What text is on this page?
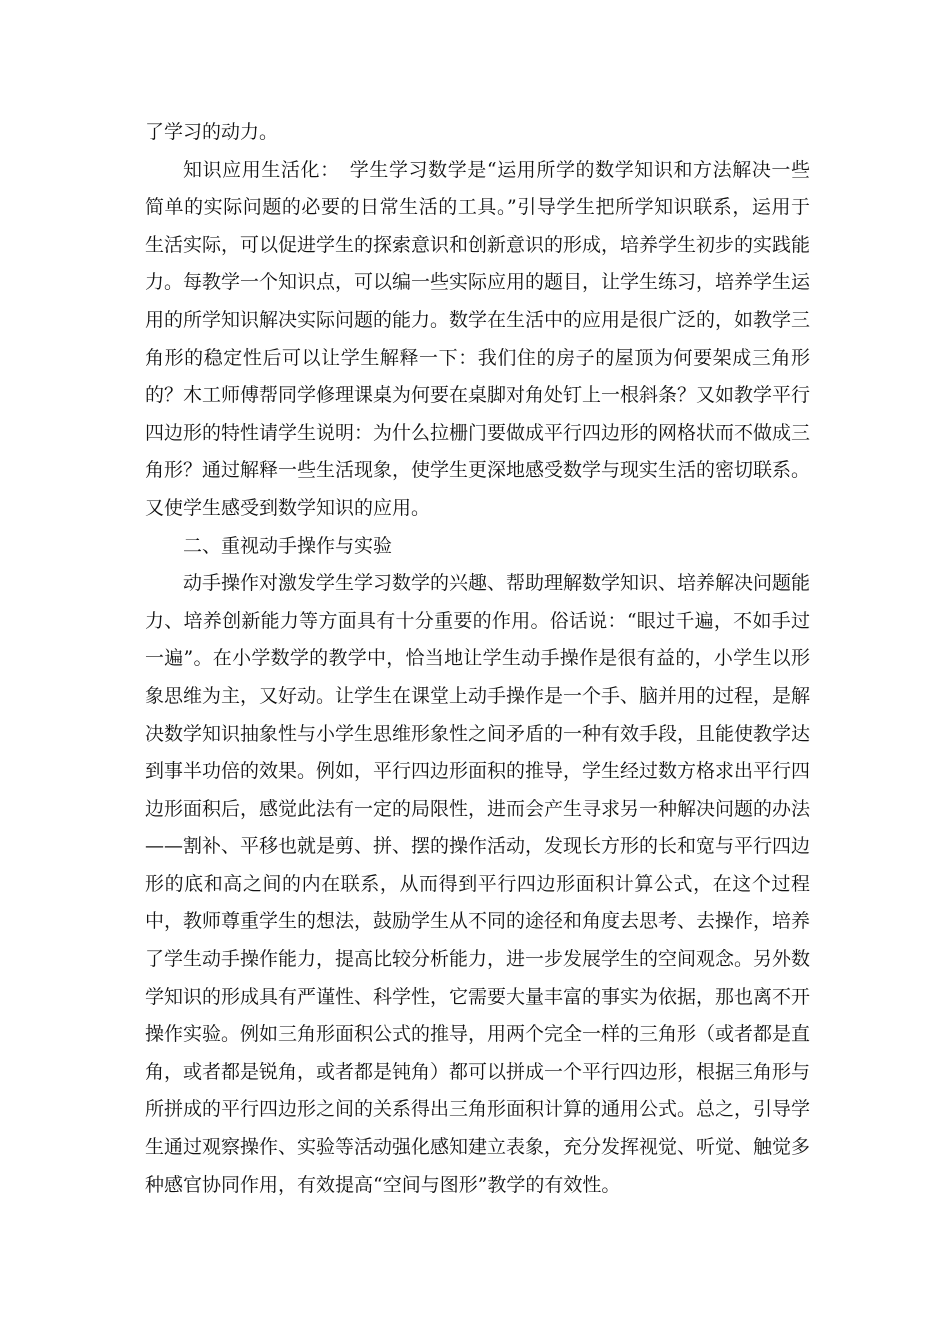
了学习的动力。

知识应用生活化：　学生学习数学是“运用所学的数学知识和方法解决一些简单的实际问题的必要的日常生活的工具。”引导学生把所学知识联系，运用于生活实际，可以促进学生的探索意识和创新意识的形成，培养学生初步的实践能力。每教学一个知识点，可以编一些实际应用的题目，让学生练习，培养学生运用的所学知识解决实际问题的能力。数学在生活中的应用是很广泛的，如教学三角形的稳定性后可以让学生解释一下：我们住的房子的屋顶为何要架成三角形的？木工师傅帮同学修理课桌为何要在桌脚对角处钉上一根斜条？又如教学平行四边形的特性请学生说明：为什么拉栅门要做成平行四边形的网格状而不做成三角形？通过解释一些生活现象，使学生更深地感受数学与现实生活的密切联系。又使学生感受到数学知识的应用。

二、重视动手操作与实验

动手操作对激发学生学习数学的兴趣、帮助理解数学知识、培养解决问题能力、培养创新能力等方面具有十分重要的作用。俗话说：“眼过千遍，不如手过一遍”。在小学数学的教学中，恰当地让学生动手操作是很有益的，小学生以形象思维为主，又好动。让学生在课堂上动手操作是一个手、脑并用的过程，是解决数学知识抽象性与小学生思维形象性之间矛盾的一种有效手段，且能使教学达到事半功倍的效果。例如，平行四边形面积的推导，学生经过数方格求出平行四边形面积后，感觉此法有一定的局限性，进而会产生寻求另一种解决问题的办法——割补、平移也就是剪、拼、摆的操作活动，发现长方形的长和宽与平行四边形的底和高之间的内在联系，从而得到平行四边形面积计算公式，在这个过程中，教师尊重学生的想法，鼓励学生从不同的途径和角度去思考、去操作，培养了学生动手操作能力，提高比较分析能力，进一步发展学生的空间观念。另外数学知识的形成具有严谨性、科学性，它需要大量丰富的事实为依据，那也离不开操作实验。例如三角形面积公式的推导，用两个完全一样的三角形（或者都是直角，或者都是锐角，或者都是钝角）都可以拼成一个平行四边形，根据三角形与所拼成的平行四边形之间的关系得出三角形面积计算的通用公式。总之，引导学生通过观察操作、实验等活动强化感知建立表象，充分发挥视觉、听觉、触觉多种感官协同作用，有效提高“空间与图形”教学的有效性。
